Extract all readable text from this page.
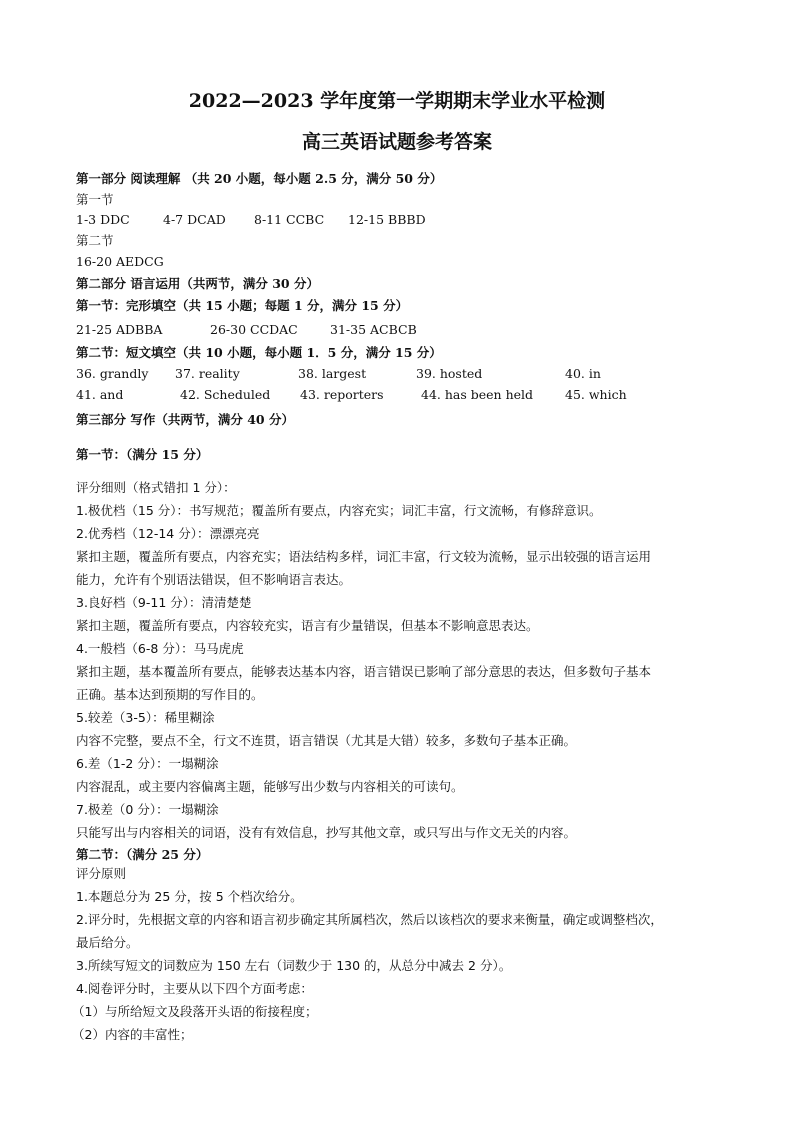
2022—2023 学年度第一学期期末学业水平检测
高三英语试题参考答案
第一部分 阅读理解 （共 20 小题，每小题 2.5 分，满分 50 分）
第一节
1-3 DDC	4-7 DCAD 8-11 CCBC 12-15 BBBD
第二节
16-20 AEDCG
第二部分 语言运用（共两节，满分 30 分）
第一节：完形填空（共 15 小题；每题 1 分，满分 15 分）
21-25 ADBBA	26-30 CCDAC	31-35 ACBCB
第二节：短文填空（共 10 小题，每小题 1．5 分，满分 15 分）
36. grandly 37. reality	38. largest	39. hosted	40. in
41. and	42. Scheduled 43. reporters	44. has been held	45. which
第三部分 写作（共两节，满分 40 分）
第一节：（满分 15 分）
评分细则（格式错扣 1 分）：
1.极优档（15 分）：书写规范；覆盖所有要点，内容充实；词汇丰富，行文流畅，有修辞意识。
2.优秀档（12-14 分）：漂漂亮亮
紧扣主题，覆盖所有要点，内容充实；语法结构多样，词汇丰富，行文较为流畅，显示出较强的语言运用
能力，允许有个别语法错误，但不影响语言表达。
3.良好档（9-11 分）：清清楚楚
紧扣主题，覆盖所有要点，内容较充实，语言有少量错误，但基本不影响意思表达。
4.一般档（6-8 分）：马马虎虎
紧扣主题，基本覆盖所有要点，能够表达基本内容，语言错误已影响了部分意思的表达，但多数句子基本
正确。基本达到预期的写作目的。
5.较差（3-5）：稀里糊涂
内容不完整，要点不全，行文不连贯，语言错误（尤其是大错）较多，多数句子基本正确。
6.差（1-2 分）：一塌糊涂
内容混乱，或主要内容偏离主题，能够写出少数与内容相关的可读句。
7.极差（0 分）：一塌糊涂
只能写出与内容相关的词语，没有有效信息，抄写其他文章，或只写出与作文无关的内容。
第二节：（满分 25 分）
评分原则
1.本题总分为 25 分，按 5 个档次给分。
2.评分时，先根据文章的内容和语言初步确定其所属档次，然后以该档次的要求来衡量，确定或调整档次，
最后给分。
3.所续写短文的词数应为 150 左右（词数少于 130 的，从总分中减去 2 分）。
4.阅卷评分时，主要从以下四个方面考虑：
（1）与所给短文及段落开头语的衔接程度；
（2）内容的丰富性；
